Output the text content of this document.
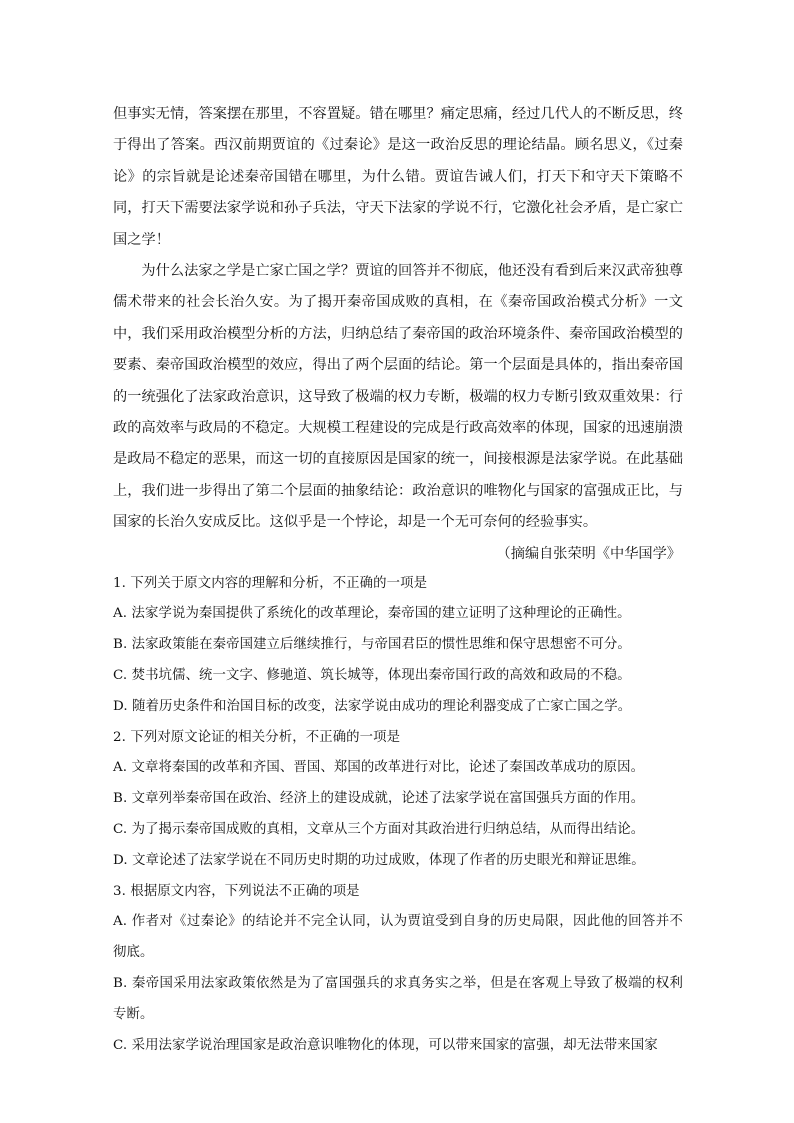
但事实无情，答案摆在那里，不容置疑。错在哪里？痛定思痛，经过几代人的不断反思，终于得出了答案。西汉前期贾谊的《过秦论》是这一政治反思的理论结晶。顾名思义，《过秦论》的宗旨就是论述秦帝国错在哪里，为什么错。贾谊告诫人们，打天下和守天下策略不同，打天下需要法家学说和孙子兵法，守天下法家的学说不行，它激化社会矛盾，是亡家亡国之学！

为什么法家之学是亡家亡国之学？贾谊的回答并不彻底，他还没有看到后来汉武帝独尊儒术带来的社会长治久安。为了揭开秦帝国成败的真相，在《秦帝国政治模式分析》一文中，我们采用政治模型分析的方法，归纳总结了秦帝国的政治环境条件、秦帝国政治模型的要素、秦帝国政治模型的效应，得出了两个层面的结论。第一个层面是具体的，指出秦帝国的一统强化了法家政治意识，这导致了极端的权力专断，极端的权力专断引致双重效果：行政的高效率与政局的不稳定。大规模工程建设的完成是行政高效率的体现，国家的迅速崩溃是政局不稳定的恶果，而这一切的直接原因是国家的统一，间接根源是法家学说。在此基础上，我们进一步得出了第二个层面的抽象结论：政治意识的唯物化与国家的富强成正比，与国家的长治久安成反比。这似乎是一个悖论，却是一个无可奈何的经验事实。

（摘编自张荣明《中华国学》

1. 下列关于原文内容的理解和分析，不正确的一项是

A. 法家学说为秦国提供了系统化的改革理论，秦帝国的建立证明了这种理论的正确性。

B. 法家政策能在秦帝国建立后继续推行，与帝国君臣的惯性思维和保守思想密不可分。

C. 焚书坑儒、统一文字、修驰道、筑长城等，体现出秦帝国行政的高效和政局的不稳。

D. 随着历史条件和治国目标的改变，法家学说由成功的理论利器变成了亡家亡国之学。

2. 下列对原文论证的相关分析，不正确的一项是

A. 文章将秦国的改革和齐国、晋国、郑国的改革进行对比，论述了秦国改革成功的原因。

B. 文章列举秦帝国在政治、经济上的建设成就，论述了法家学说在富国强兵方面的作用。

C. 为了揭示秦帝国成败的真相，文章从三个方面对其政治进行归纳总结，从而得出结论。

D. 文章论述了法家学说在不同历史时期的功过成败，体现了作者的历史眼光和辩证思维。

3. 根据原文内容，下列说法不正确的项是

A. 作者对《过秦论》的结论并不完全认同，认为贾谊受到自身的历史局限，因此他的回答并不彻底。

B. 秦帝国采用法家政策依然是为了富国强兵的求真务实之举，但是在客观上导致了极端的权利专断。

C. 采用法家学说治理国家是政治意识唯物化的体现，可以带来国家的富强，却无法带来国家
